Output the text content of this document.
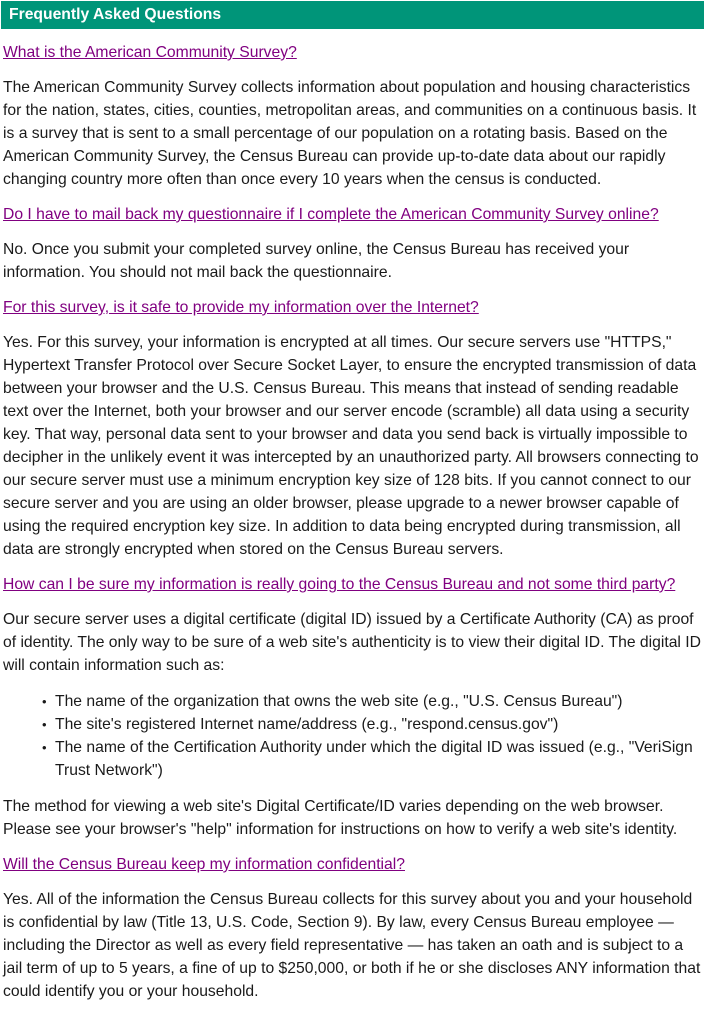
Frequently Asked Questions
What is the American Community Survey?

The American Community Survey collects information about population and housing characteristics for the nation, states, cities, counties, metropolitan areas, and communities on a continuous basis. It is a survey that is sent to a small percentage of our population on a rotating basis. Based on the American Community Survey, the Census Bureau can provide up-to-date data about our rapidly changing country more often than once every 10 years when the census is conducted.

Do I have to mail back my questionnaire if I complete the American Community Survey online?

No. Once you submit your completed survey online, the Census Bureau has received your information. You should not mail back the questionnaire.

For this survey, is it safe to provide my information over the Internet?

Yes. For this survey, your information is encrypted at all times. Our secure servers use "HTTPS," Hypertext Transfer Protocol over Secure Socket Layer, to ensure the encrypted transmission of data between your browser and the U.S. Census Bureau. This means that instead of sending readable text over the Internet, both your browser and our server encode (scramble) all data using a security key. That way, personal data sent to your browser and data you send back is virtually impossible to decipher in the unlikely event it was intercepted by an unauthorized party. All browsers connecting to our secure server must use a minimum encryption key size of 128 bits. If you cannot connect to our secure server and you are using an older browser, please upgrade to a newer browser capable of using the required encryption key size. In addition to data being encrypted during transmission, all data are strongly encrypted when stored on the Census Bureau servers.

How can I be sure my information is really going to the Census Bureau and not some third party?

Our secure server uses a digital certificate (digital ID) issued by a Certificate Authority (CA) as proof of identity. The only way to be sure of a web site's authenticity is to view their digital ID. The digital ID will contain information such as:

• The name of the organization that owns the web site (e.g., "U.S. Census Bureau")
• The site's registered Internet name/address (e.g., "respond.census.gov")
• The name of the Certification Authority under which the digital ID was issued (e.g., "VeriSign Trust Network")

The method for viewing a web site's Digital Certificate/ID varies depending on the web browser. Please see your browser's "help" information for instructions on how to verify a web site's identity.

Will the Census Bureau keep my information confidential?

Yes. All of the information the Census Bureau collects for this survey about you and your household is confidential by law (Title 13, U.S. Code, Section 9). By law, every Census Bureau employee — including the Director as well as every field representative — has taken an oath and is subject to a jail term of up to 5 years, a fine of up to $250,000, or both if he or she discloses ANY information that could identify you or your household.
